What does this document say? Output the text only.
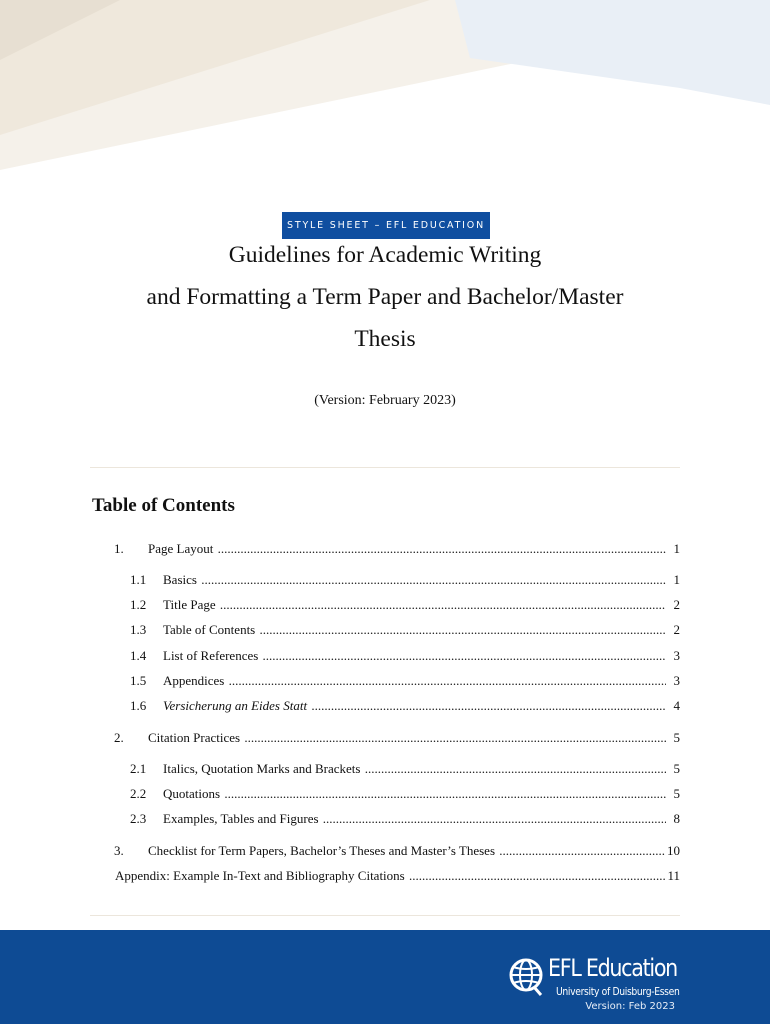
STYLE SHEET – EFL EDUCATION
Guidelines for Academic Writing
and Formatting a Term Paper and Bachelor/Master
Thesis
(Version: February 2023)
Table of Contents
1. Page Layout .....	1
1.1 Basics .....	1
1.2 Title Page .....	2
1.3 Table of Contents .....	2
1.4 List of References .....	3
1.5 Appendices .....	3
1.6 Versicherung an Eides Statt .....	4
2. Citation Practices .....	5
2.1 Italics, Quotation Marks and Brackets .....	5
2.2 Quotations .....	5
2.3 Examples, Tables and Figures .....	8
3. Checklist for Term Papers, Bachelor’s Theses and Master’s Theses .....	10
Appendix: Example In-Text and Bibliography Citations .....	11
EFL Education
University of Duisburg-Essen
Version: Feb 2023
